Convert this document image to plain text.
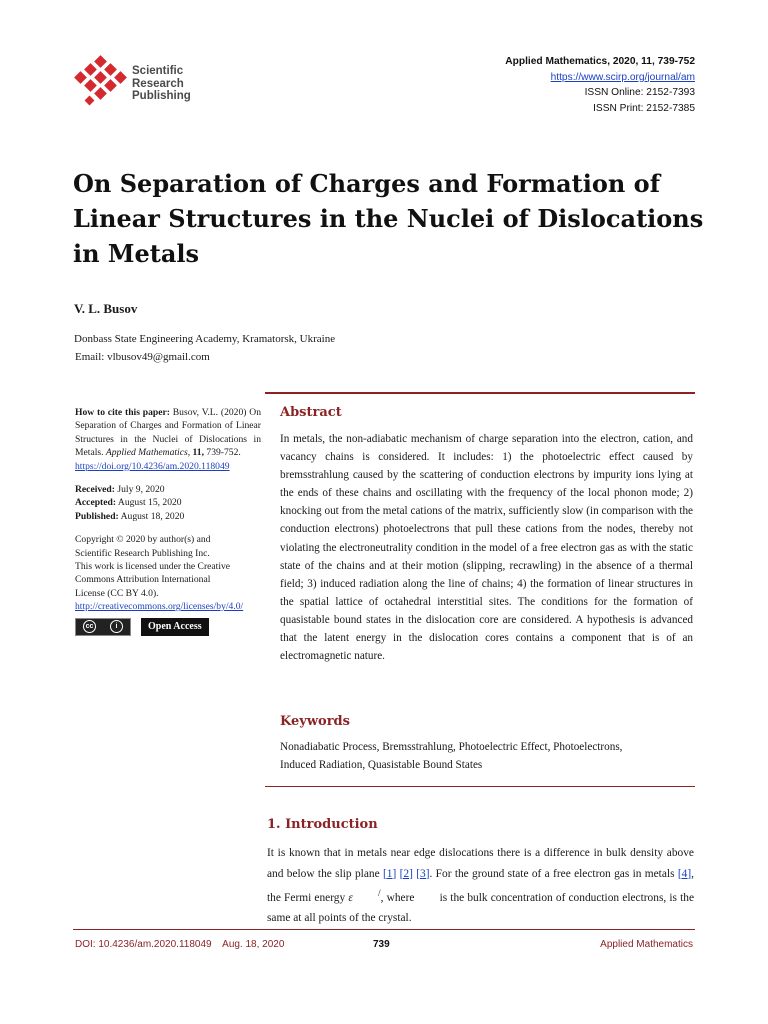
Scientific
Research
Publishing
Applied Mathematics, 2020, 11, 739-752
https://www.scirp.org/journal/am
ISSN Online: 2152-7393
ISSN Print: 2152-7385
On Separation of Charges and Formation of Linear Structures in the Nuclei of Dislocations in Metals
V. L. Busov
Donbass State Engineering Academy, Kramatorsk, Ukraine
Email: vlbusov49@gmail.com

How to cite this paper: Busov, V.L. (2020) On Separation of Charges and Formation of Linear Structures in the Nuclei of Dislocations in Metals. Applied Mathematics, 11, 739-752.
https://doi.org/10.4236/am.2020.118049

Received: July 9, 2020
Accepted: August 15, 2020
Published: August 18, 2020

Copyright © 2020 by author(s) and
Scientific Research Publishing Inc.
This work is licensed under the Creative
Commons Attribution International
License (CC BY 4.0).
http://creativecommons.org/licenses/by/4.0/

cc	i	Open Access
Abstract

In metals, the non-adiabatic mechanism of charge separation into the electron, cation, and vacancy chains is considered. It includes: 1) the photoelectric effect caused by bremsstrahlung caused by the scattering of conduction electrons by impurity ions lying at the ends of these chains and oscillating with the frequency of the local phonon mode; 2) knocking out from the metal cations of the matrix, sufficiently slow (in comparison with the conduction electrons) photoelectrons that pull these cations from the nodes, thereby not violating the electroneutrality condition in the model of a free electron gas as with the static state of the chains and at their motion (slipping, recrawling) in the absence of a thermal field; 3) induced radiation along the line of chains; 4) the formation of linear structures in the spatial lattice of octahedral interstitial sites. The conditions for the formation of quasistable bound states in the dislocation core are considered. A hypothesis is advanced that the latent energy in the dislocation cores contains a component that is of an electromagnetic nature.

Keywords
Nonadiabatic Process, Bremsstrahlung, Photoelectric Effect, Photoelectrons,
Induced Radiation, Quasistable Bound States
1. Introduction

It is known that in metals near edge dislocations there is a difference in bulk density above and below the slip plane [1] [2] [3]. For the ground state of a free electron gas in metals [4], the Fermi energy ε	/, where is the bulk concentration of conduction electrons, is the same at all points of the crystal.

DOI: 10.4236/am.2020.118049    Aug. 18, 2020	739	Applied Mathematics
